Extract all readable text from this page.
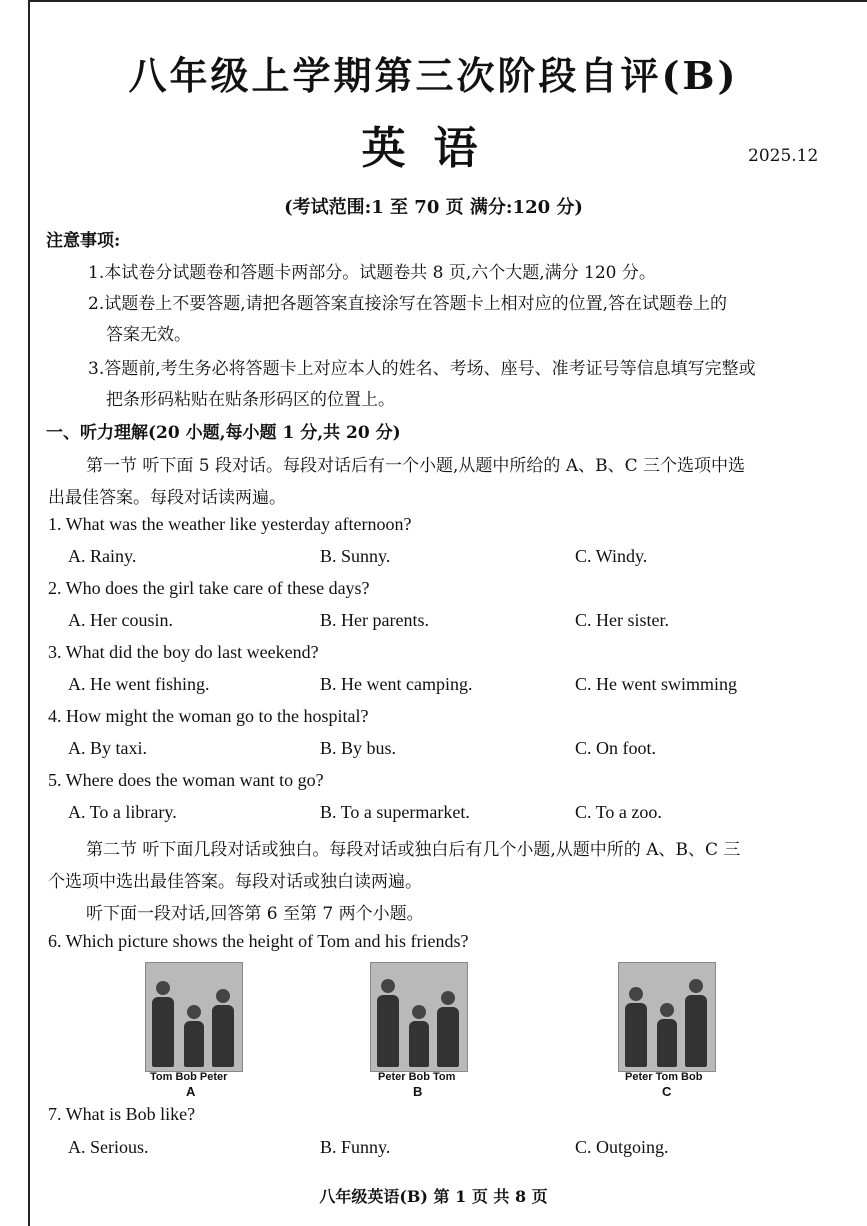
八年级上学期第三次阶段自评(B)
英语	2025.12
(考试范围:1 至 70 页 满分:120 分)
注意事项:
1.本试卷分试题卷和答题卡两部分。试题卷共 8 页,六个大题,满分 120 分。
2.试题卷上不要答题,请把各题答案直接涂写在答题卡上相对应的位置,答在试题卷上的
答案无效。
3.答题前,考生务必将答题卡上对应本人的姓名、考场、座号、准考证号等信息填写完整或
把条形码粘贴在贴条形码区的位置上。
一、听力理解(20 小题,每小题 1 分,共 20 分)
第一节 听下面 5 段对话。每段对话后有一个小题,从题中所给的 A、B、C 三个选项中选
出最佳答案。每段对话读两遍。
1. What was the weather like yesterday afternoon?
A. Rainy.	B. Sunny.	C. Windy.
2. Who does the girl take care of these days?
A. Her cousin.	B. Her parents.	C. Her sister.
3. What did the boy do last weekend?
A. He went fishing.	B. He went camping.	C. He went swimming
4. How might the woman go to the hospital?
A. By taxi.	B. By bus.	C. On foot.
5. Where does the woman want to go?
A. To a library.	B. To a supermarket.	C. To a zoo.
第二节 听下面几段对话或独白。每段对话或独白后有几个小题,从题中所的 A、B、C 三
个选项中选出最佳答案。每段对话或独白读两遍。
听下面一段对话,回答第 6 至第 7 两个小题。
6. Which picture shows the height of Tom and his friends?
Tom Bob Peter
A
Peter Bob Tom
B
Peter Tom Bob
C
7. What is Bob like?
A. Serious.	B. Funny.	C. Outgoing.
八年级英语(B) 第 1 页 共 8 页
